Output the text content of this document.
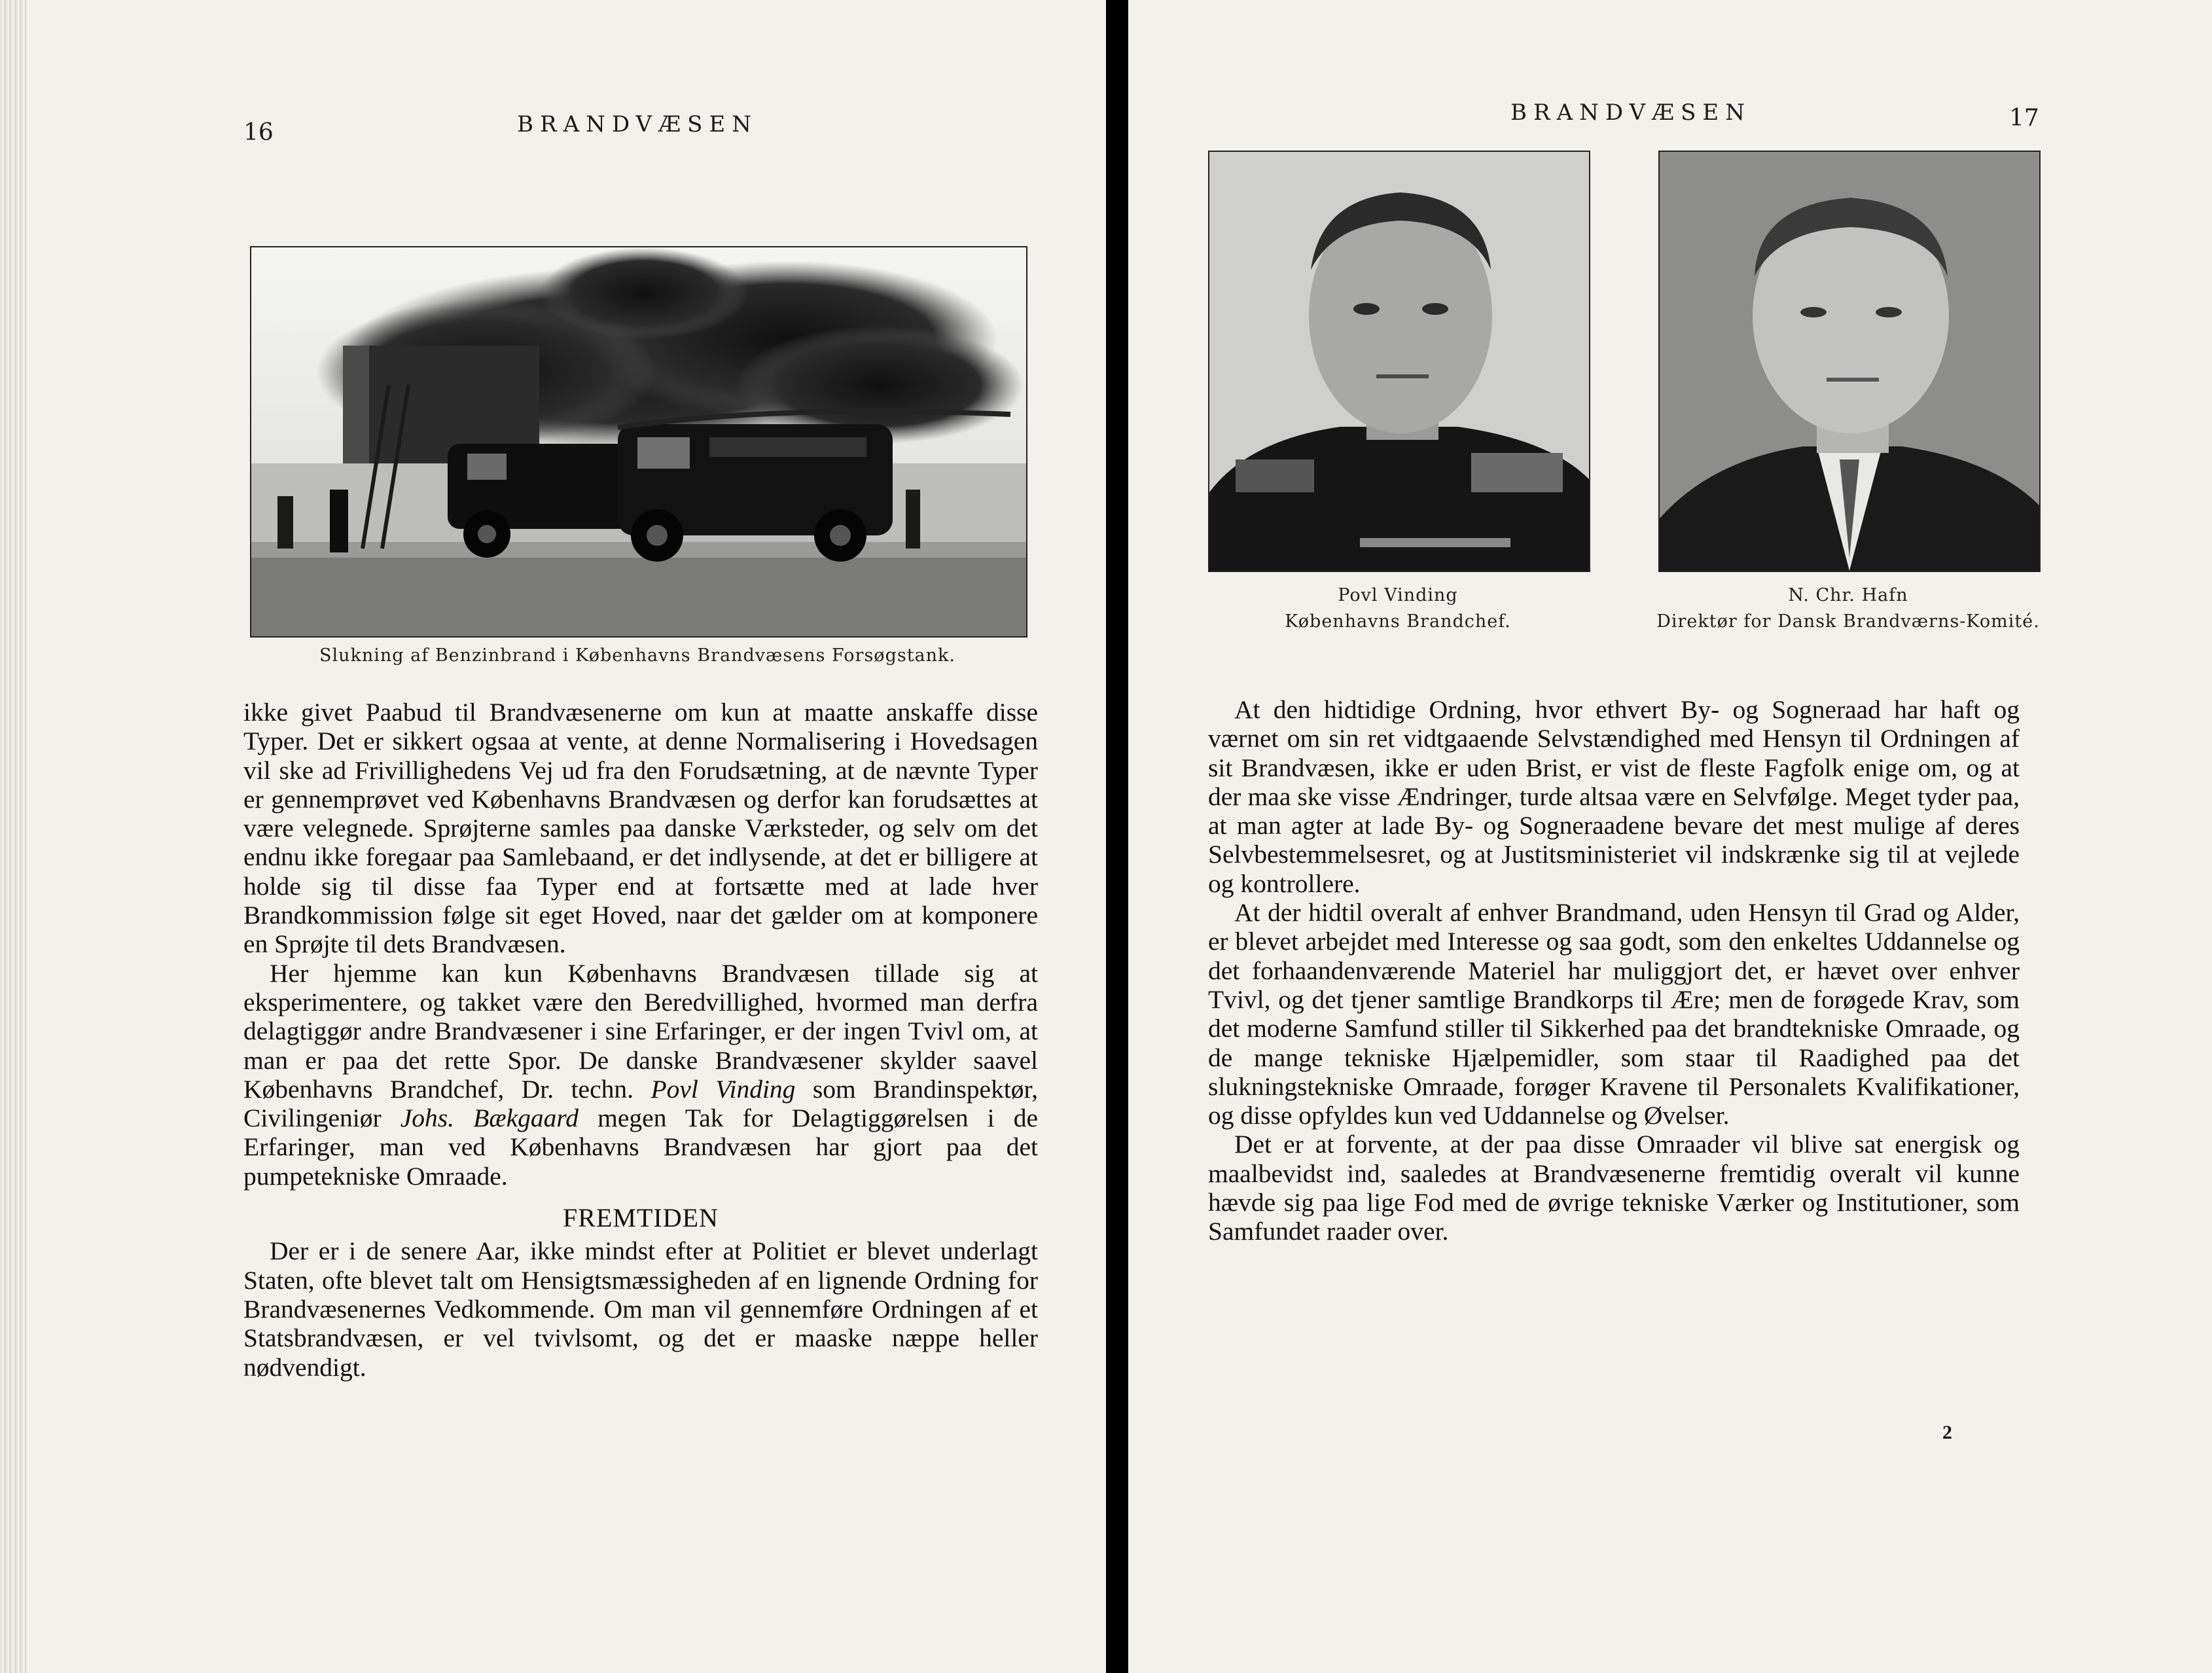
16	BRANDVÆSEN
Slukning af Benzinbrand i Københavns Brandvæsens Forsøgstank.

ikke givet Paabud til Brandvæsenerne om kun at maatte anskaffe disse Typer. Det er sikkert ogsaa at vente, at denne Normalisering i Hovedsagen vil ske ad Frivillighedens Vej ud fra den Forudsætning, at de nævnte Typer er gennemprøvet ved Københavns Brandvæsen og derfor kan forudsættes at være velegnede. Sprøjterne samles paa danske Værksteder, og selv om det endnu ikke foregaar paa Samlebaand, er det indlysende, at det er billigere at holde sig til disse faa Typer end at fortsætte med at lade hver Brandkommission følge sit eget Hoved, naar det gælder om at komponere en Sprøjte til dets Brandvæsen.

Her hjemme kan kun Københavns Brandvæsen tillade sig at eksperimentere, og takket være den Beredvillighed, hvormed man derfra delagtiggør andre Brandvæsener i sine Erfaringer, er der ingen Tvivl om, at man er paa det rette Spor. De danske Brandvæsener skylder saavel Københavns Brandchef, Dr. techn. Povl Vinding som Brandinspektør, Civilingeniør Johs. Bækgaard megen Tak for Delagtiggørelsen i de Erfaringer, man ved Københavns Brandvæsen har gjort paa det pumpetekniske Omraade.

FREMTIDEN

Der er i de senere Aar, ikke mindst efter at Politiet er blevet underlagt Staten, ofte blevet talt om Hensigtsmæssigheden af en lignende Ordning for Brandvæsenernes Vedkommende. Om man vil gennemføre Ordningen af et Statsbrandvæsen, er vel tvivlsomt, og det er maaske næppe heller nødvendigt.

BRANDVÆSEN	17
Povl Vinding
Københavns Brandchef.
N. Chr. Hafn
Direktør for Dansk Brandværns-Komité.

At den hidtidige Ordning, hvor ethvert By- og Sogneraad har haft og værnet om sin ret vidtgaaende Selvstændighed med Hensyn til Ordningen af sit Brandvæsen, ikke er uden Brist, er vist de fleste Fagfolk enige om, og at der maa ske visse Ændringer, turde altsaa være en Selvfølge. Meget tyder paa, at man agter at lade By- og Sogneraadene bevare det mest mulige af deres Selvbestemmelsesret, og at Justitsministeriet vil indskrænke sig til at vejlede og kontrollere.

At der hidtil overalt af enhver Brandmand, uden Hensyn til Grad og Alder, er blevet arbejdet med Interesse og saa godt, som den enkeltes Uddannelse og det forhaandenværende Materiel har muliggjort det, er hævet over enhver Tvivl, og det tjener samtlige Brandkorps til Ære; men de forøgede Krav, som det moderne Samfund stiller til Sikkerhed paa det brandtekniske Omraade, og de mange tekniske Hjælpemidler, som staar til Raadighed paa det slukningstekniske Omraade, forøger Kravene til Personalets Kvalifikationer, og disse opfyldes kun ved Uddannelse og Øvelser.

Det er at forvente, at der paa disse Omraader vil blive sat energisk og maalbevidst ind, saaledes at Brandvæsenerne fremtidig overalt vil kunne hævde sig paa lige Fod med de øvrige tekniske Værker og Institutioner, som Samfundet raader over.

2
